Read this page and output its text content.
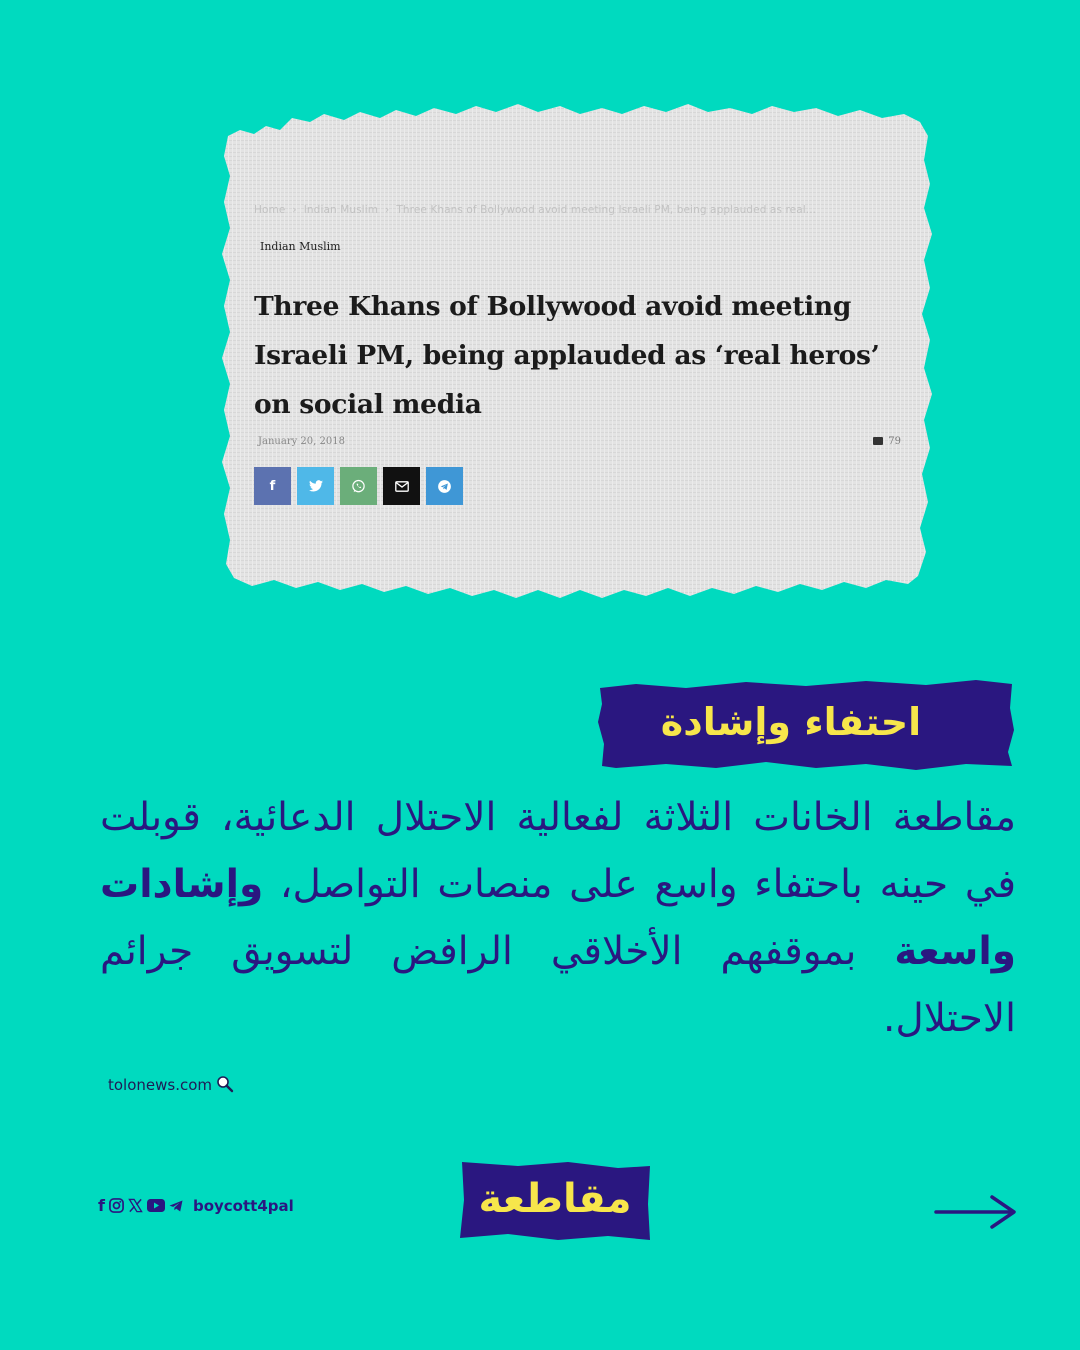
Home › Indian Muslim › Three Khans of Bollywood avoid meeting Israeli PM, being applauded as real...
Indian Muslim
Three Khans of Bollywood avoid meeting Israeli PM, being applauded as ‘real heros’ on social media
January 20, 2018	79
f
احتفاء وإشادة

مقاطعة الخانات الثلاثة لفعالية الاحتلال الدعائية، قوبلت في حينه باحتفاء واسع على منصات التواصل، وإشادات واسعة بموقفهم الأخلاقي الرافض لتسويق جرائم الاحتلال.

tolonews.com
f	boycott4pal	مقاطعة
